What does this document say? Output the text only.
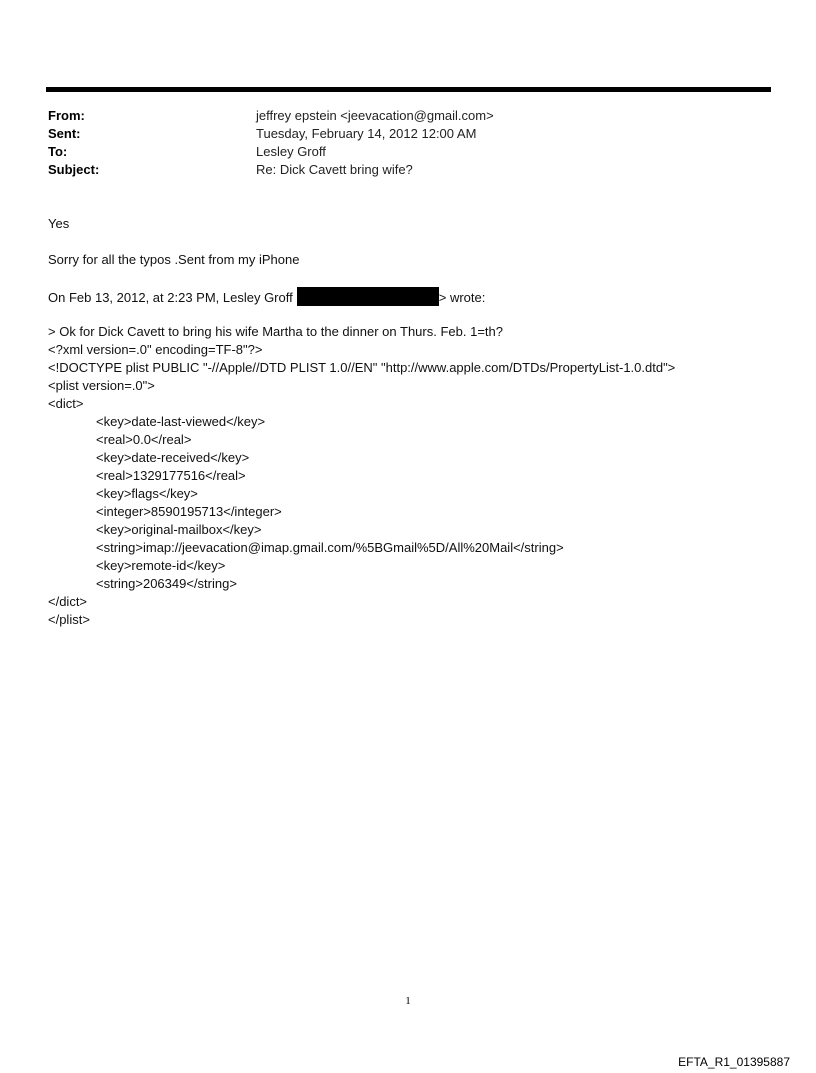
From:	jeffrey epstein <jeevacation@gmail.com>
Sent:	Tuesday, February 14, 2012 12:00 AM
To:	Lesley Groff
Subject:	Re: Dick Cavett bring wife?

Yes

Sorry for all the typos .Sent from my iPhone

On Feb 13, 2012, at 2:23 PM, Lesley Groff	> wrote:

> Ok for Dick Cavett to bring his wife Martha to the dinner on Thurs. Feb. 1=th?

<?xml version=.0" encoding=TF-8"?>

<!DOCTYPE plist PUBLIC "-//Apple//DTD PLIST 1.0//EN" "http://www.apple.com/DTDs/PropertyList-1.0.dtd">

<plist version=.0">

<dict>

<key>date-last-viewed</key>

<real>0.0</real>

<key>date-received</key>

<real>1329177516</real>

<key>flags</key>

<integer>8590195713</integer>

<key>original-mailbox</key>

<string>imap://jeevacation@imap.gmail.com/%5BGmail%5D/All%20Mail</string>

<key>remote-id</key>

<string>206349</string>

</dict>

</plist>

1
EFTA_R1_01395887
